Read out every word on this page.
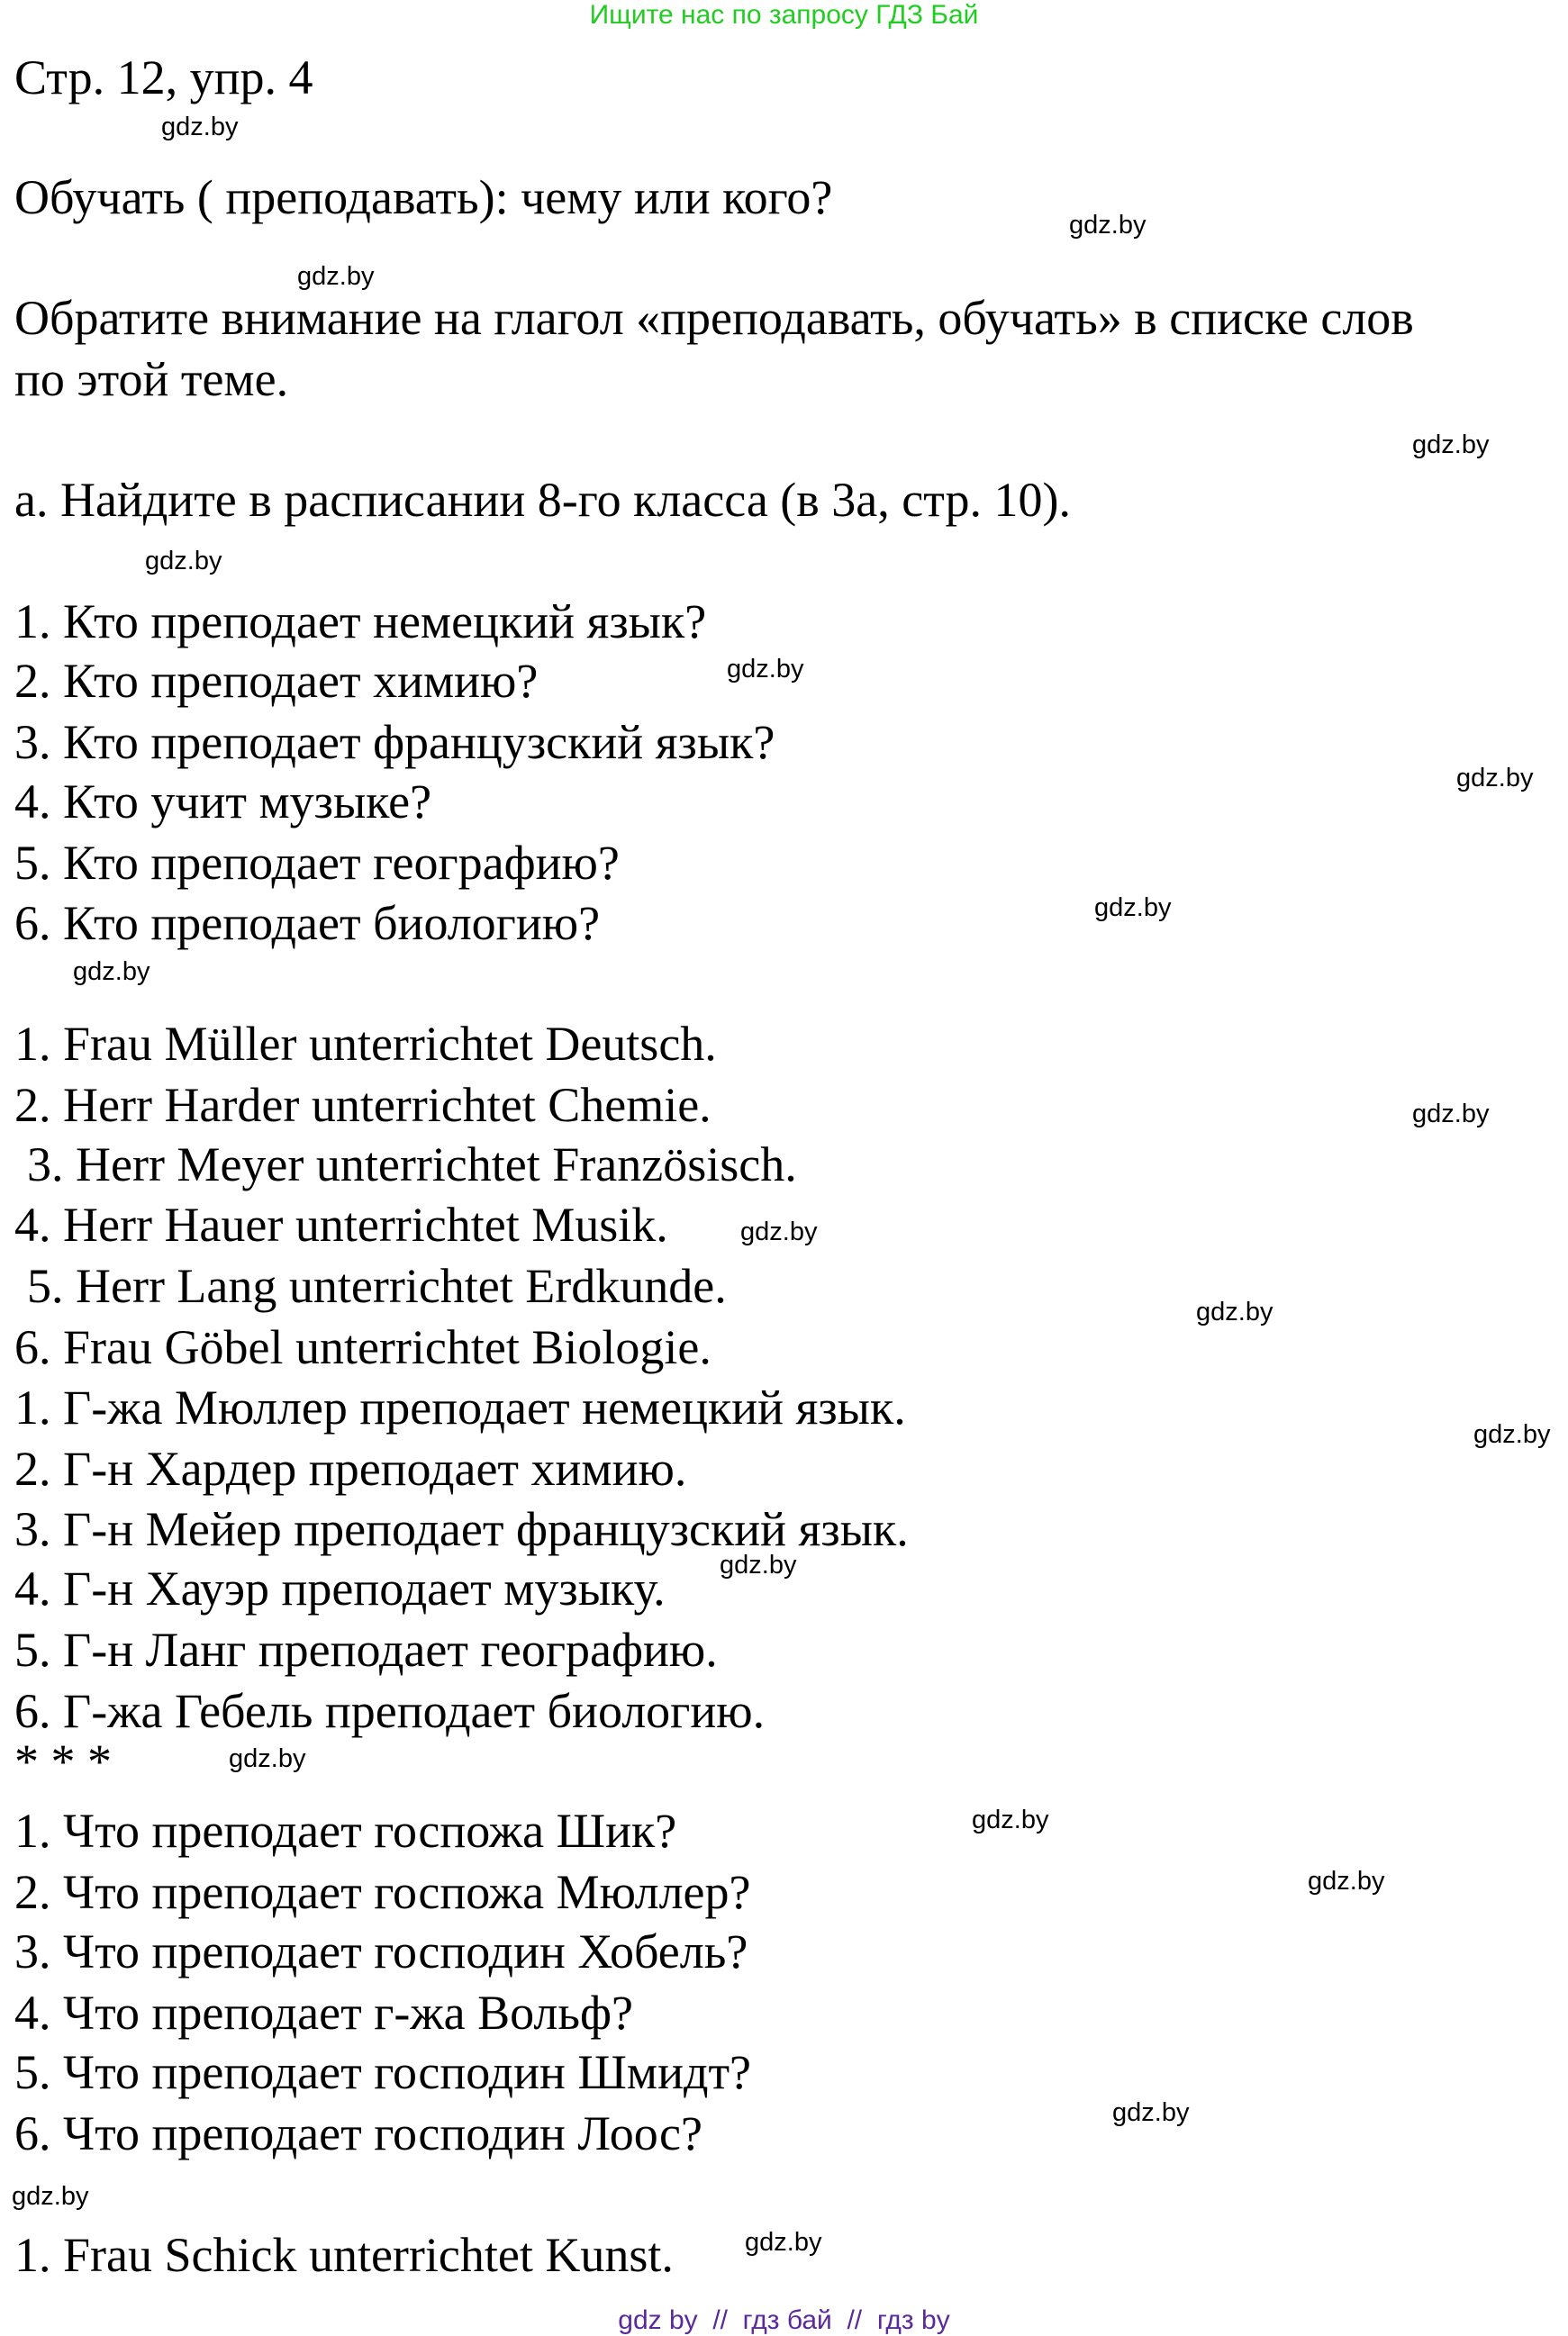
Ищите нас по запросу ГДЗ Бай
Стр. 12, упр. 4
Обучать ( преподавать): чему или кого?
Обратите внимание на глагол «преподавать, обучать» в списке слов
по этой теме.
а. Найдите в расписании 8-го класса (в 3а, стр. 10).
1. Кто преподает немецкий язык?
2. Кто преподает химию?
3. Кто преподает французский язык?
4. Кто учит музыке?
5. Кто преподает географию?
6. Кто преподает биологию?
1. Frau Müller unterrichtet Deutsch.
2. Herr Harder unterrichtet Chemie.
3. Herr Meyer unterrichtet Französisch.
4. Herr Hauer unterrichtet Musik.
5. Herr Lang unterrichtet Erdkunde.
6. Frau Göbel unterrichtet Biologie.
1. Г-жа Мюллер преподает немецкий язык.
2. Г-н Хардер преподает химию.
3. Г-н Мейер преподает французский язык.
4. Г-н Хауэр преподает музыку.
5. Г-н Ланг преподает географию.
6. Г-жа Гебель преподает биологию.
* * *
1. Что преподает госпожа Шик?
2. Что преподает госпожа Мюллер?
3. Что преподает господин Хобель?
4. Что преподает г-жа Вольф?
5. Что преподает господин Шмидт?
6. Что преподает господин Лоос?
1. Frau Schick unterrichtet Kunst.
gdz.by
gdz.by
gdz.by
gdz.by
gdz.by
gdz.by
gdz.by
gdz.by
gdz.by
gdz.by
gdz.by
gdz.by
gdz.by
gdz.by
gdz.by
gdz.by
gdz.by
gdz.by
gdz.by
gdz.by
gdz by  //  гдз бай  //  гдз by
